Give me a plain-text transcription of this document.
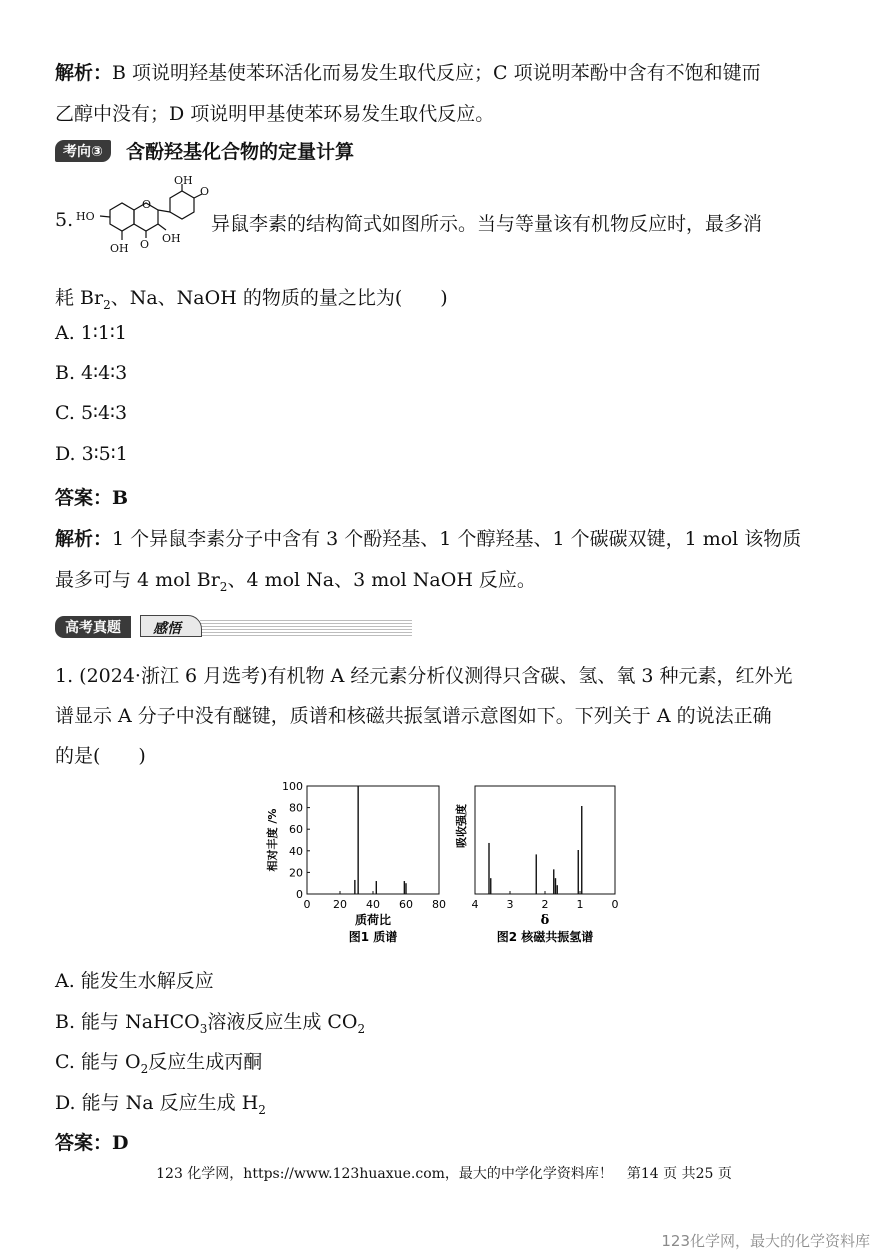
解析：B 项说明羟基使苯环活化而易发生取代反应；C 项说明苯酚中含有不饱和键而
乙醇中没有；D 项说明甲基使苯环易发生取代反应。
考向③	含酚羟基化合物的定量计算
5.
OH
O
HO
O
OH
OH
O
异鼠李素的结构简式如图所示。当与等量该有机物反应时，最多消
耗 $Br_2$、Na、NaOH 的物质的量之比为(　　)
A. 1∶1∶1
B. 4∶4∶3
C. 5∶4∶3
D. 3∶5∶1
答案：B
解析：1 个异鼠李素分子中含有 3 个酚羟基、1 个醇羟基、1 个碳碳双键，1 mol 该物质
最多可与 4 mol $Br_2$、4 mol Na、3 mol NaOH 反应。
高考真题	感悟
1. (2024·浙江 6 月选考)有机物 A 经元素分析仪测得只含碳、氢、氧 3 种元素，红外光
谱显示 A 分子中没有醚键，质谱和核磁共振氢谱示意图如下。下列关于 A 的说法正确
的是(　　)
0
20
40
60
80
100
0 20 40 60 80
相对丰度 /%
质荷比
图1 质谱
4	3	2	1	0
吸收强度
δ
图2 核磁共振氢谱
A. 能发生水解反应
B. 能与 NaHCO$_3$溶液反应生成 $CO_2$
C. 能与 $O_2$反应生成丙酮
D. 能与 Na 反应生成 $H_2$
答案：D
123 化学网，https://www.123huaxue.com，最大的中学化学资料库！　第14 页 共25 页
123化学网，最大的化学资料库
